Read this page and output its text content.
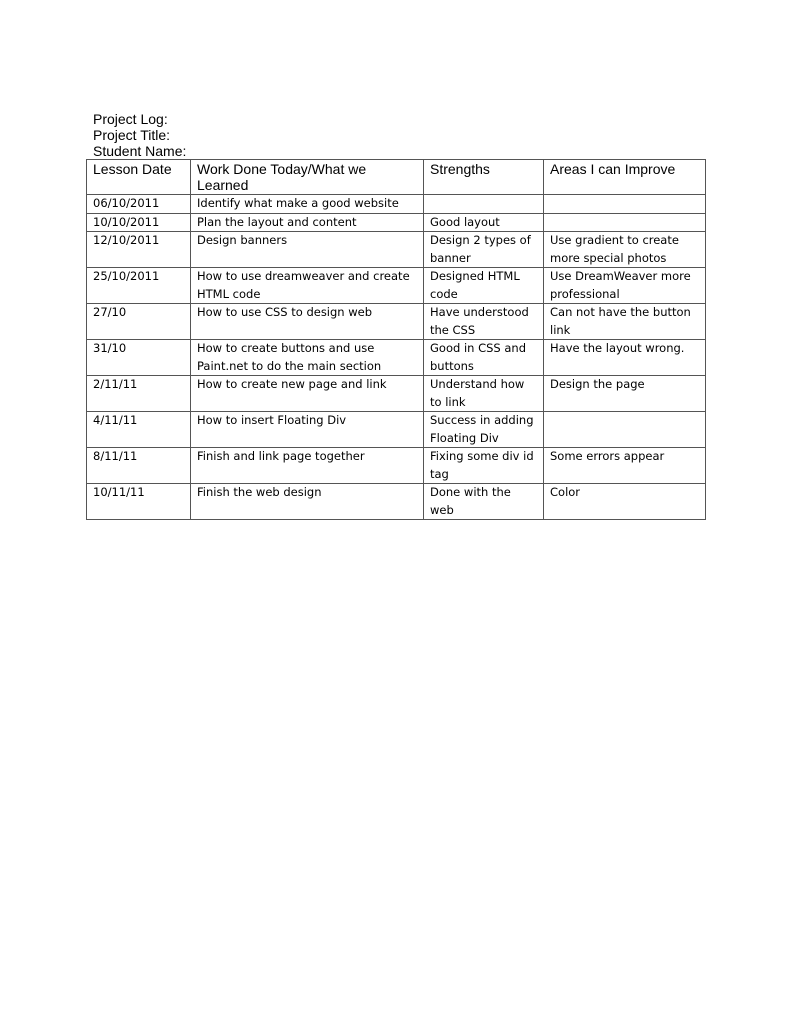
Project Log:
Project Title:
Student Name:
Lesson Date	Work Done Today/What we Learned	Strengths	Areas I can Improve
06/10/2011	Identify what make a good website		
10/10/2011	Plan the layout and content	Good layout	
12/10/2011	Design banners	Design 2 types of banner	Use gradient to create more special photos
25/10/2011	How to use dreamweaver and create HTML code	Designed HTML code	Use DreamWeaver more professional
27/10	How to use CSS to design web	Have understood the CSS	Can not have the button link
31/10	How to create buttons and use Paint.net to do the main section	Good in CSS and buttons	Have the layout wrong.
2/11/11	How to create new page and link	Understand how to link	Design the page
4/11/11	How to insert Floating Div	Success in adding Floating Div	
8/11/11	Finish and link page together	Fixing some div id tag	Some errors appear
10/11/11	Finish the web design	Done with the web	Color
